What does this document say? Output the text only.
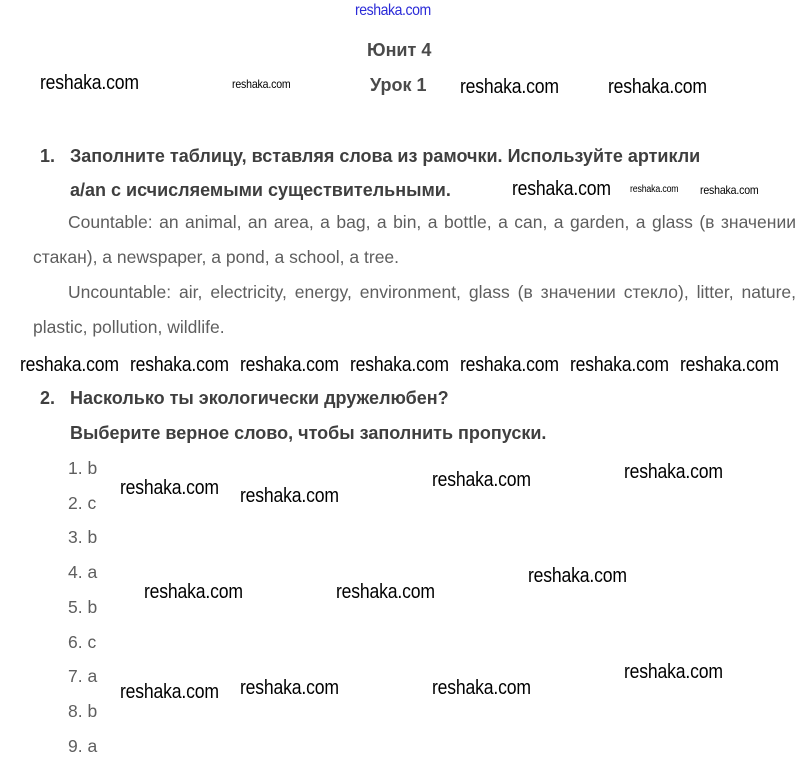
reshaka.com
Юнит 4
Урок 1
1. Заполните таблицу, вставляя слова из рамочки. Используйте артикли
a/an с исчисляемыми существительными.
Countable: an animal, an area, a bag, a bin, a bottle, a can, a garden, a glass (в значении стакан), a newspaper, a pond, a school, a tree.
Uncountable: air, electricity, energy, environment, glass (в значении стекло), litter, nature, plastic, pollution, wildlife.
2. Насколько ты экологически дружелюбен?
Выберите верное слово, чтобы заполнить пропуски.
1. b
2. c
3. b
4. a
5. b
6. c
7. a
8. b
9. a
reshaka.com	reshaka.com	reshaka.com reshaka.com
reshaka.com reshaka.com reshaka.com
reshaka.com reshaka.com reshaka.com reshaka.com reshaka.com reshaka.com reshaka.com
reshaka.com
reshaka.com	reshaka.com
reshaka.com
reshaka.com
reshaka.com	reshaka.com
reshaka.com
reshaka.com reshaka.com	reshaka.com
